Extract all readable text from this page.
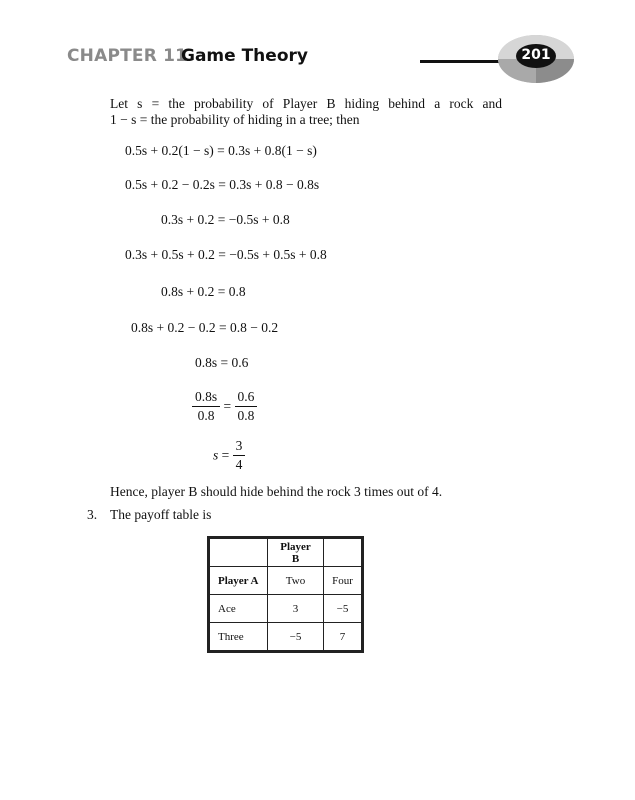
CHAPTER 11
Game Theory	201
Let s = the probability of Player B hiding behind a rock and
1 − s = the probability of hiding in a tree; then
0.5s + 0.2(1 − s) = 0.3s + 0.8(1 − s)
0.5s + 0.2 − 0.2s = 0.3s + 0.8 − 0.8s
0.3s + 0.2 = −0.5s + 0.8
0.3s + 0.5s + 0.2 = −0.5s + 0.5s + 0.8
0.8s + 0.2 = 0.8
0.8s + 0.2 − 0.2 = 0.8 − 0.2
0.8s = 0.6
$\frac{0.8s}{0.8} = \frac{0.6}{0.8}$
$s = \frac{3}{4}$
Hence, player B should hide behind the rock 3 times out of 4.
3. The payoff table is
	Player B	
Player A	Two	Four
Ace	3	−5
Three	−5	7
